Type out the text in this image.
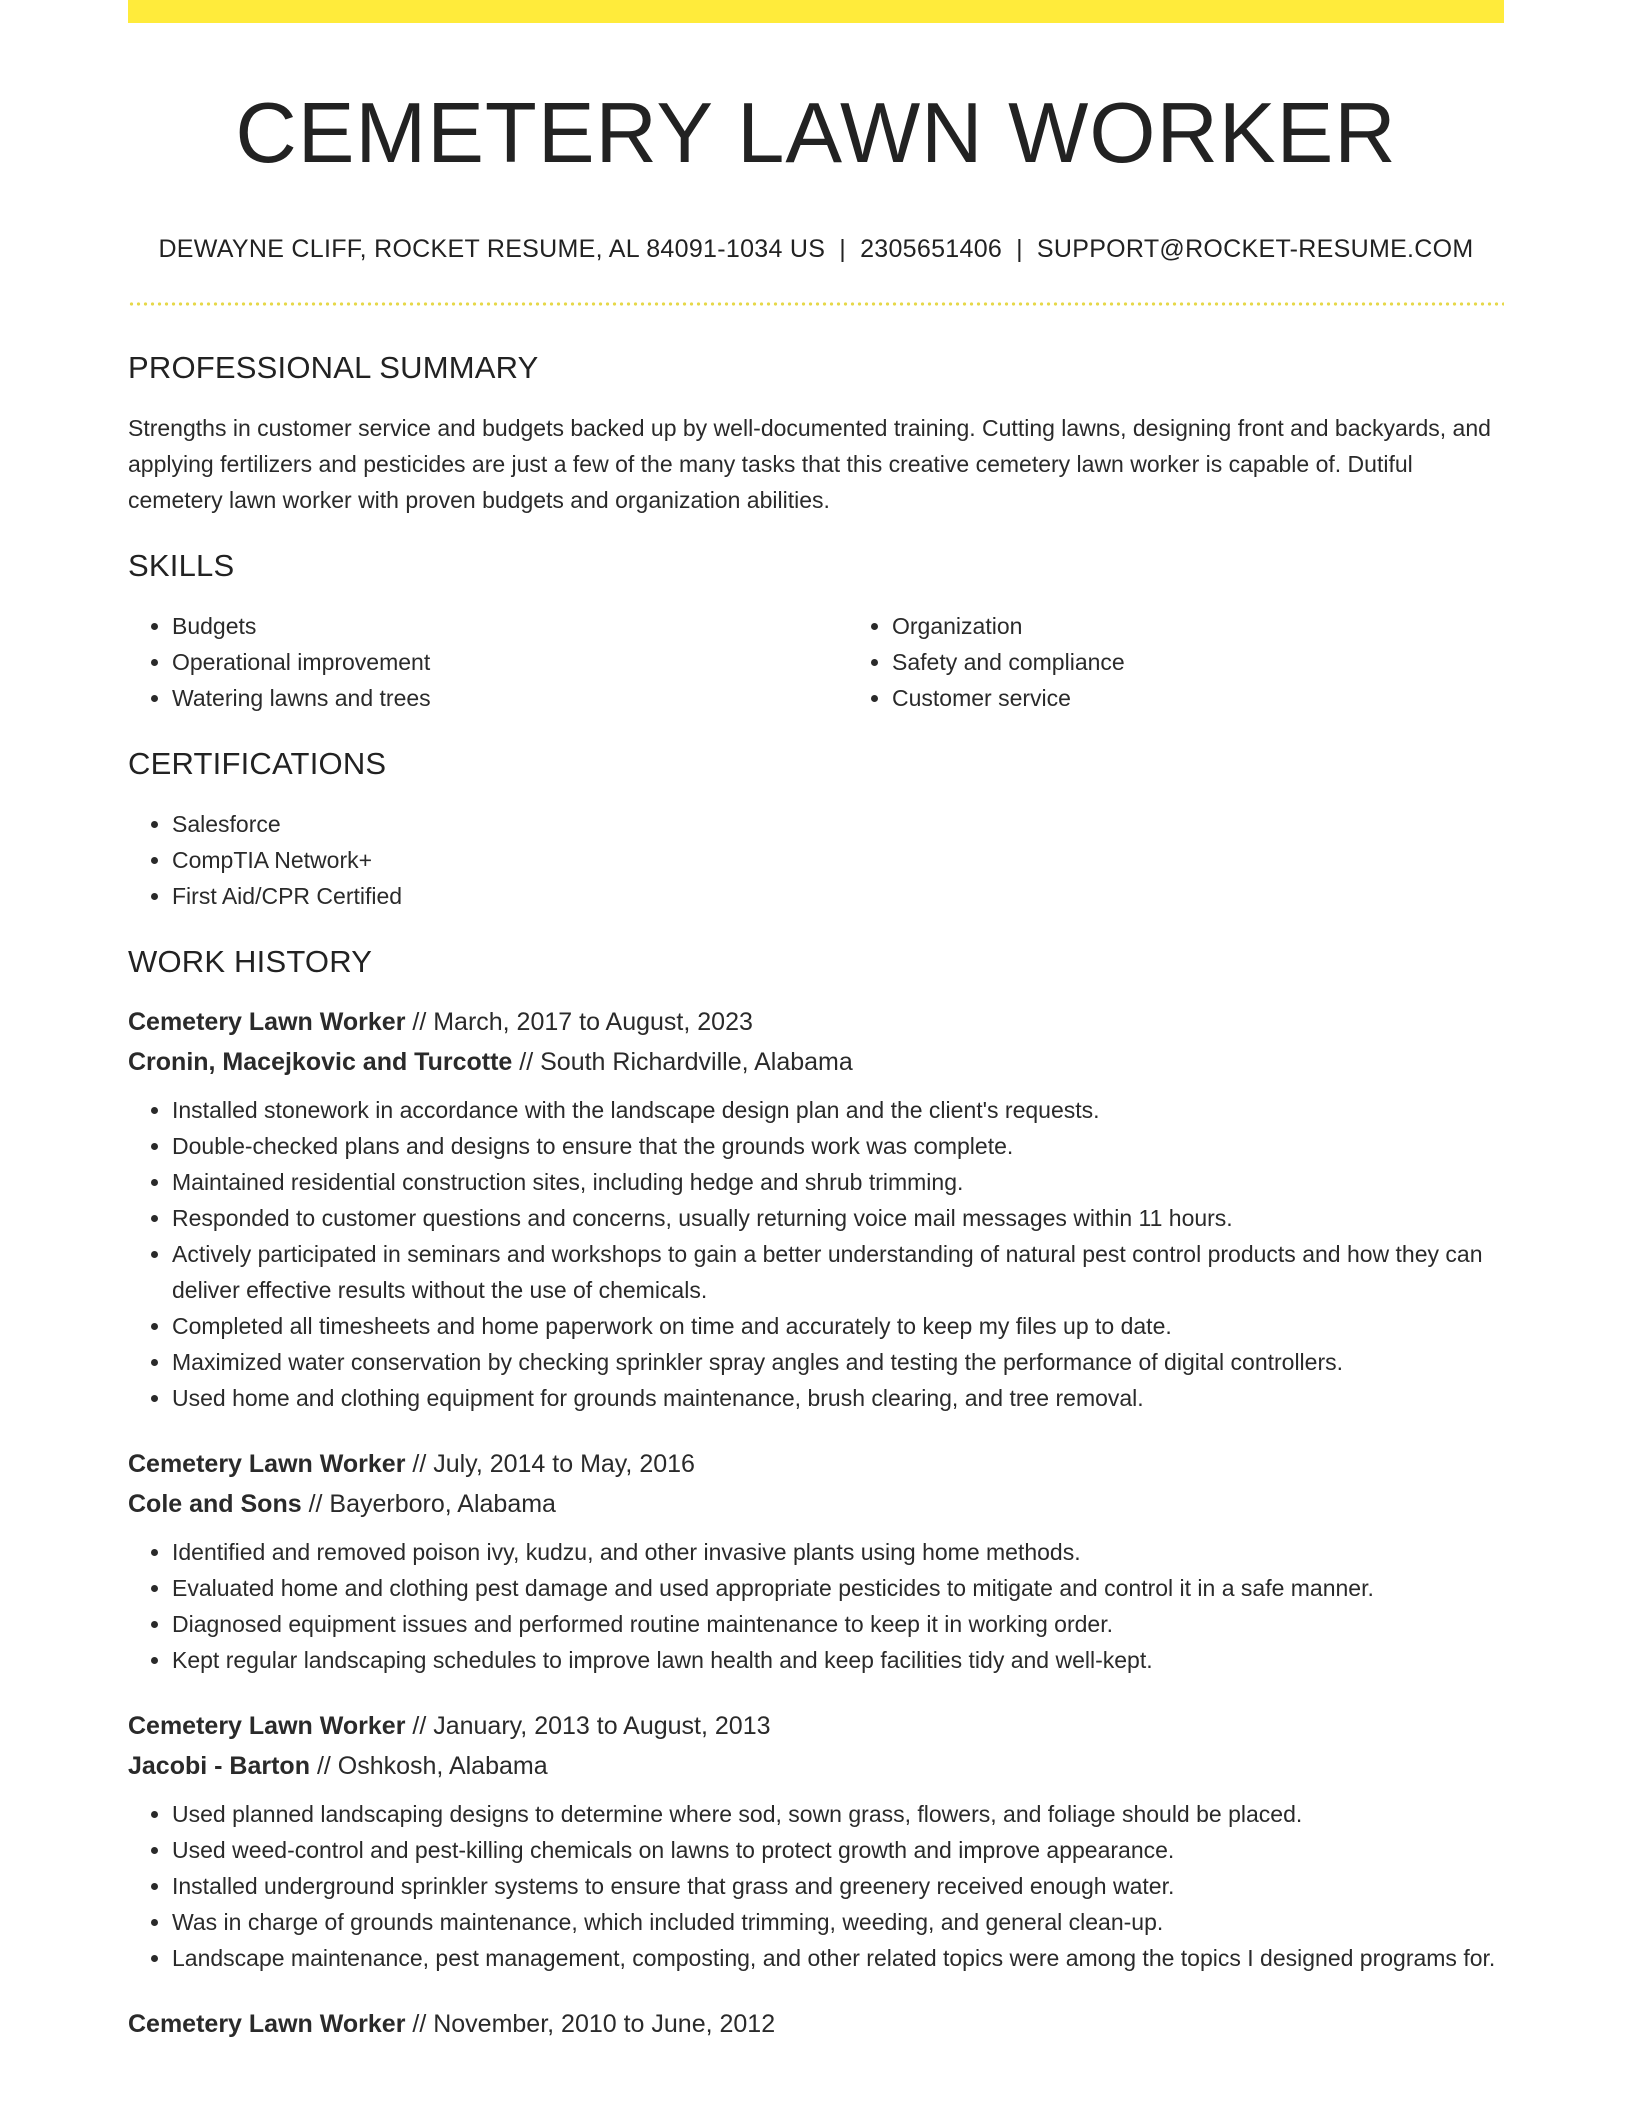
CEMETERY LAWN WORKER
DEWAYNE CLIFF, ROCKET RESUME, AL 84091-1034 US | 2305651406 | SUPPORT@ROCKET-RESUME.COM
PROFESSIONAL SUMMARY

Strengths in customer service and budgets backed up by well-documented training. Cutting lawns, designing front and backyards, and applying fertilizers and pesticides are just a few of the many tasks that this creative cemetery lawn worker is capable of. Dutiful cemetery lawn worker with proven budgets and organization abilities.

SKILLS
• Budgets
• Operational improvement
• Watering lawns and trees
• Organization
• Safety and compliance
• Customer service
CERTIFICATIONS
• Salesforce
• CompTIA Network+
• First Aid/CPR Certified
WORK HISTORY
Cemetery Lawn Worker // March, 2017 to August, 2023
Cronin, Macejkovic and Turcotte // South Richardville, Alabama
• Installed stonework in accordance with the landscape design plan and the client's requests.
• Double-checked plans and designs to ensure that the grounds work was complete.
• Maintained residential construction sites, including hedge and shrub trimming.
• Responded to customer questions and concerns, usually returning voice mail messages within 11 hours.
• Actively participated in seminars and workshops to gain a better understanding of natural pest control products and how they can deliver effective results without the use of chemicals.
• Completed all timesheets and home paperwork on time and accurately to keep my files up to date.
• Maximized water conservation by checking sprinkler spray angles and testing the performance of digital controllers.
• Used home and clothing equipment for grounds maintenance, brush clearing, and tree removal.
Cemetery Lawn Worker // July, 2014 to May, 2016
Cole and Sons // Bayerboro, Alabama
• Identified and removed poison ivy, kudzu, and other invasive plants using home methods.
• Evaluated home and clothing pest damage and used appropriate pesticides to mitigate and control it in a safe manner.
• Diagnosed equipment issues and performed routine maintenance to keep it in working order.
• Kept regular landscaping schedules to improve lawn health and keep facilities tidy and well-kept.
Cemetery Lawn Worker // January, 2013 to August, 2013
Jacobi - Barton // Oshkosh, Alabama
• Used planned landscaping designs to determine where sod, sown grass, flowers, and foliage should be placed.
• Used weed-control and pest-killing chemicals on lawns to protect growth and improve appearance.
• Installed underground sprinkler systems to ensure that grass and greenery received enough water.
• Was in charge of grounds maintenance, which included trimming, weeding, and general clean-up.
• Landscape maintenance, pest management, composting, and other related topics were among the topics I designed programs for.
Cemetery Lawn Worker // November, 2010 to June, 2012
